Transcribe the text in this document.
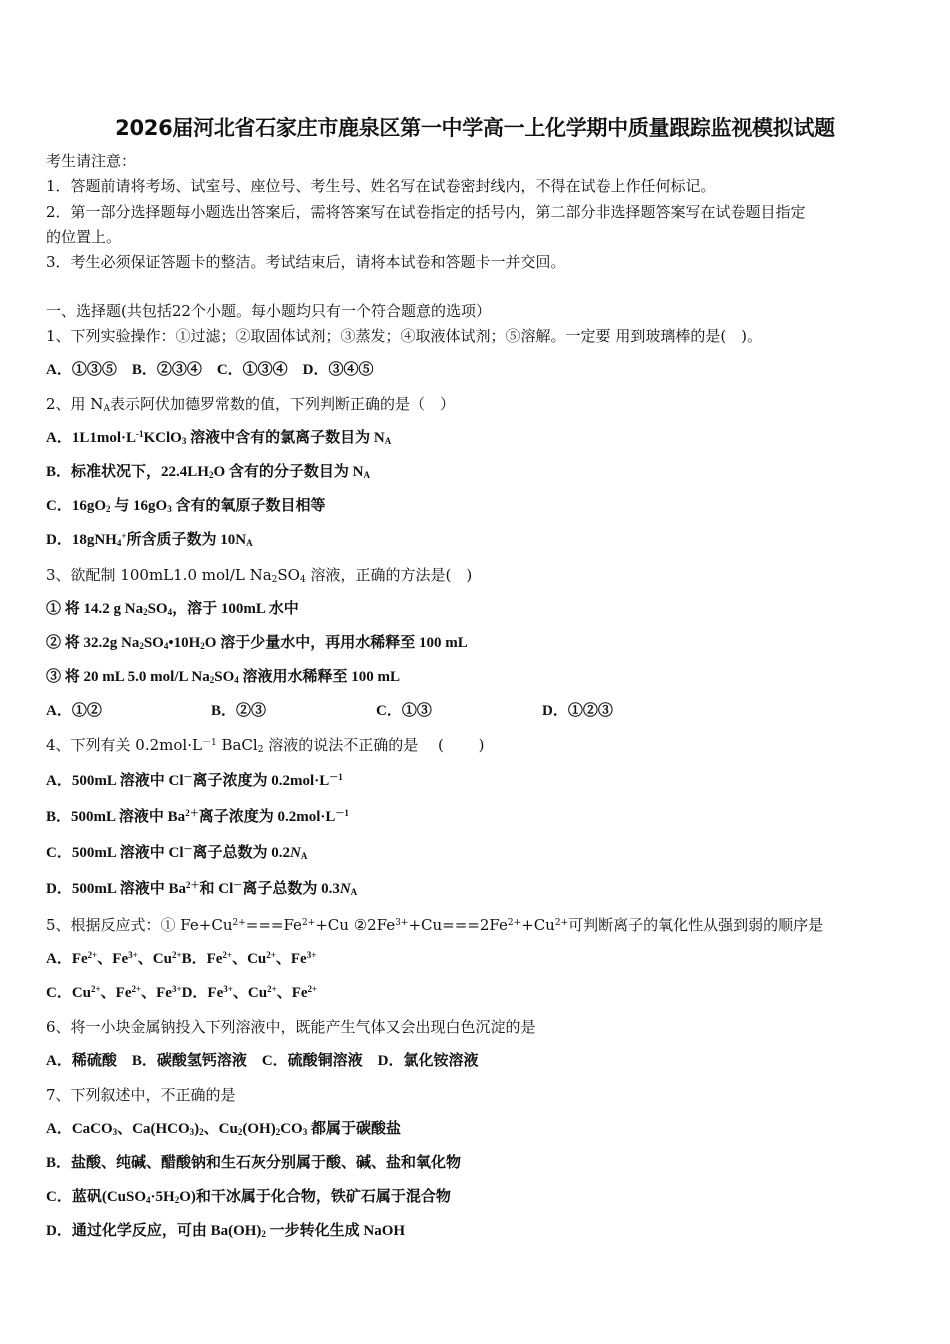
2026届河北省石家庄市鹿泉区第一中学高一上化学期中质量跟踪监视模拟试题
考生请注意：
1．答题前请将考场、试室号、座位号、考生号、姓名写在试卷密封线内，不得在试卷上作任何标记。
2．第一部分选择题每小题选出答案后，需将答案写在试卷指定的括号内，第二部分非选择题答案写在试卷题目指定
的位置上。
3．考生必须保证答题卡的整洁。考试结束后，请将本试卷和答题卡一并交回。
一、选择题(共包括22个小题。每小题均只有一个符合题意的选项）
1、下列实验操作：①过滤；②取固体试剂；③蒸发；④取液体试剂；⑤溶解。一定要 用到玻璃棒的是(　)。
A．①③⑤　B．②③④　C．①③④　D．③④⑤
2、用 $N_A$表示阿伏加德罗常数的值，下列判断正确的是（　）
A．$1L1mol\cdot L^{-1}KClO_3$ 溶液中含有的氯离子数目为 $N_A$
B．标准状况下，$22.4LH_2O$ 含有的分子数目为 $N_A$
C．$16gO_2$ 与 $16gO_3$ 含有的氧原子数目相等
D．18gNH$_4$+所含质子数为 $10N_A$
3、欲配制 100mL1.0 mol/L $Na_2SO_4$ 溶液，正确的方法是(　)
① 将 14.2 g $Na_2SO_4$，溶于 100mL 水中
② 将 32.2g $Na_2SO_4•10H_2O$ 溶于少量水中，再用水稀释至 100 mL
③ 将 20 mL 5.0 mol/L $Na_2SO_4$ 溶液用水稀释至 100 mL
A．①②	B．②③	C．①③	D．①②③
4、下列有关 $0.2mol\cdot L^{-1}$ BaCl$_2$ 溶液的说法不正确的是　 (　　 )
A．500mL 溶液中 Cl－离子浓度为 $0.2mol\cdot L^{-1}$
B．500mL 溶液中 $Ba^{2+}$离子浓度为 $0.2mol\cdot L^{-1}$
C．500mL 溶液中 Cl－离子总数为 $0.2N_A$
D．500mL 溶液中 $Ba^{2+}$和 Cl－离子总数为 $0.3N_A$
5、根据反应式：① $Fe+Cu^{2+}===Fe^{2+}+Cu$ $②2Fe^{3+}+Cu===2Fe^{2+}+Cu^{2+}$可判断离子的氧化性从强到弱的顺序是
A．$Fe^{2+}$、$Fe^{3+}$、$Cu^{2+}B$．$Fe^{2+}$、$Cu^{2+}$、$Fe^{3+}$
C．$Cu^{2+}$、$Fe^{2+}$、$Fe^{3+}D$．$Fe^{3+}$、$Cu^{2+}$、$Fe^{2+}$
6、将一小块金属钠投入下列溶液中，既能产生气体又会出现白色沉淀的是
A．稀硫酸　B．碳酸氢钙溶液　C．硫酸铜溶液　D．氯化铵溶液
7、下列叙述中，不正确的是
A．CaCO$_3$、$Ca(HCO_3)_2$、$Cu_2(OH)_2CO_3$ 都属于碳酸盐
B．盐酸、纯碱、醋酸钠和生石灰分别属于酸、碱、盐和氧化物
C．蓝矾$(CuSO_4\cdot 5H_2O)$和干冰属于化合物，铁矿石属于混合物
D．通过化学反应，可由 $Ba(OH)_2$ 一步转化生成 NaOH
